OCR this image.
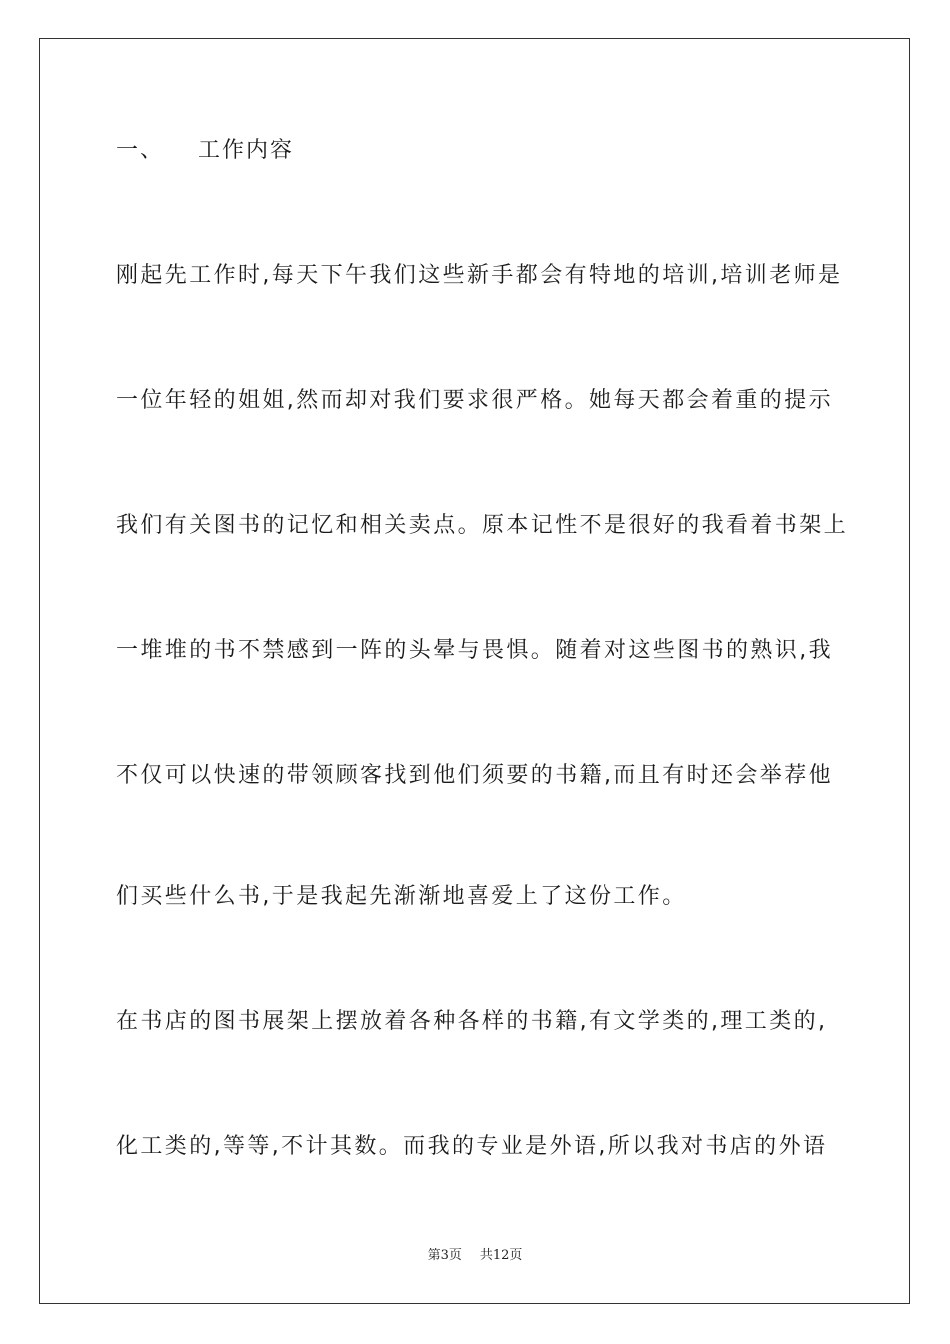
一、 工作内容

刚起先工作时,每天下午我们这些新手都会有特地的培训,培训老师是

一位年轻的姐姐,然而却对我们要求很严格。她每天都会着重的提示

我们有关图书的记忆和相关卖点。原本记性不是很好的我看着书架上

一堆堆的书不禁感到一阵的头晕与畏惧。随着对这些图书的熟识,我

不仅可以快速的带领顾客找到他们须要的书籍,而且有时还会举荐他

们买些什么书,于是我起先渐渐地喜爱上了这份工作。

在书店的图书展架上摆放着各种各样的书籍,有文学类的,理工类的,

化工类的,等等,不计其数。而我的专业是外语,所以我对书店的外语

第3页 共12页
